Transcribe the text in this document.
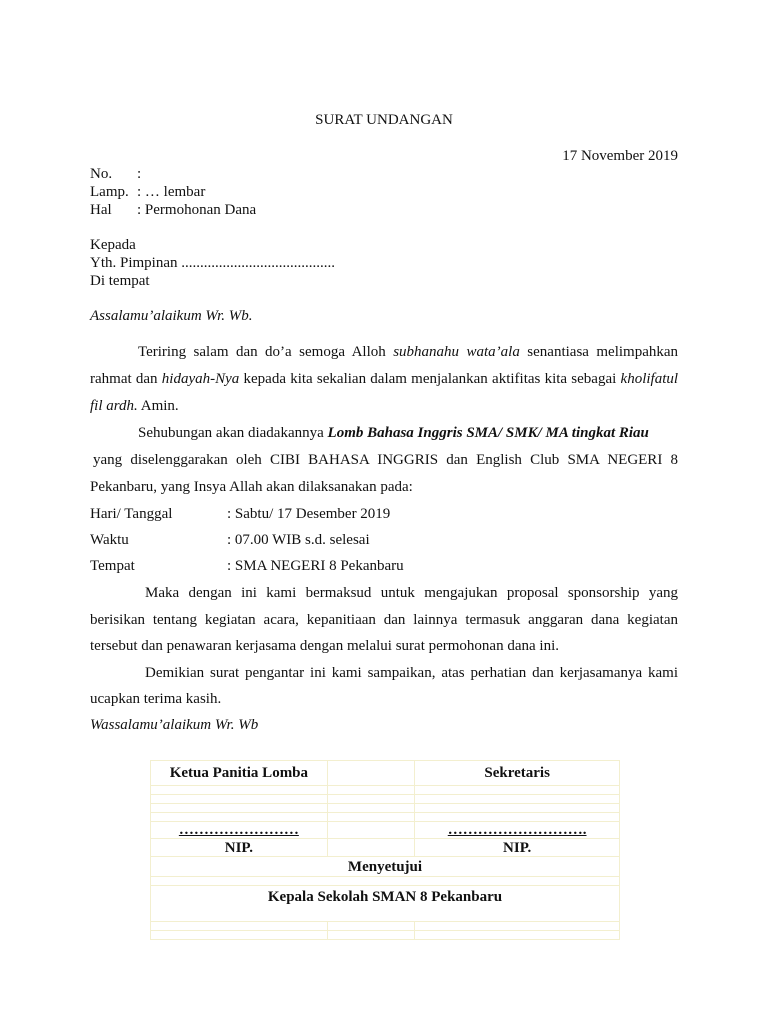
SURAT UNDANGAN
17 November 2019
No. :
Lamp. : … lembar
Hal : Permohonan Dana
Kepada
Yth. Pimpinan .........................................
Di tempat
Assalamu’alaikum Wr. Wb.
Teriring salam dan do’a semoga Alloh subhanahu wata’ala senantiasa melimpahkan
rahmat dan hidayah-Nya kepada kita sekalian dalam menjalankan aktifitas kita sebagai kholifatul
fil ardh. Amin.
Sehubungan akan diadakannya Lomb Bahasa Inggris SMA/ SMK/ MA tingkat Riau
yang diselenggarakan oleh CIBI BAHASA INGGRIS dan English Club SMA NEGERI 8
Pekanbaru, yang Insya Allah akan dilaksanakan pada:
Hari/ Tanggal	: Sabtu/ 17 Desember 2019
Waktu	: 07.00 WIB s.d. selesai
Tempat	: SMA NEGERI 8 Pekanbaru
Maka dengan ini kami bermaksud untuk mengajukan proposal sponsorship yang
berisikan tentang kegiatan acara, kepanitiaan dan lainnya termasuk anggaran dana kegiatan
tersebut dan penawaran kerjasama dengan melalui surat permohonan dana ini.
Demikian surat pengantar ini kami sampaikan, atas perhatian dan kerjasamanya kami
ucapkan terima kasih.
Wassalamu’alaikum Wr. Wb
Ketua Panitia Lomba		Sekretaris

……………………		……………………….
NIP.		NIP.
Menyetujui		

Kepala Sekolah SMAN 8 Pekanbaru		
